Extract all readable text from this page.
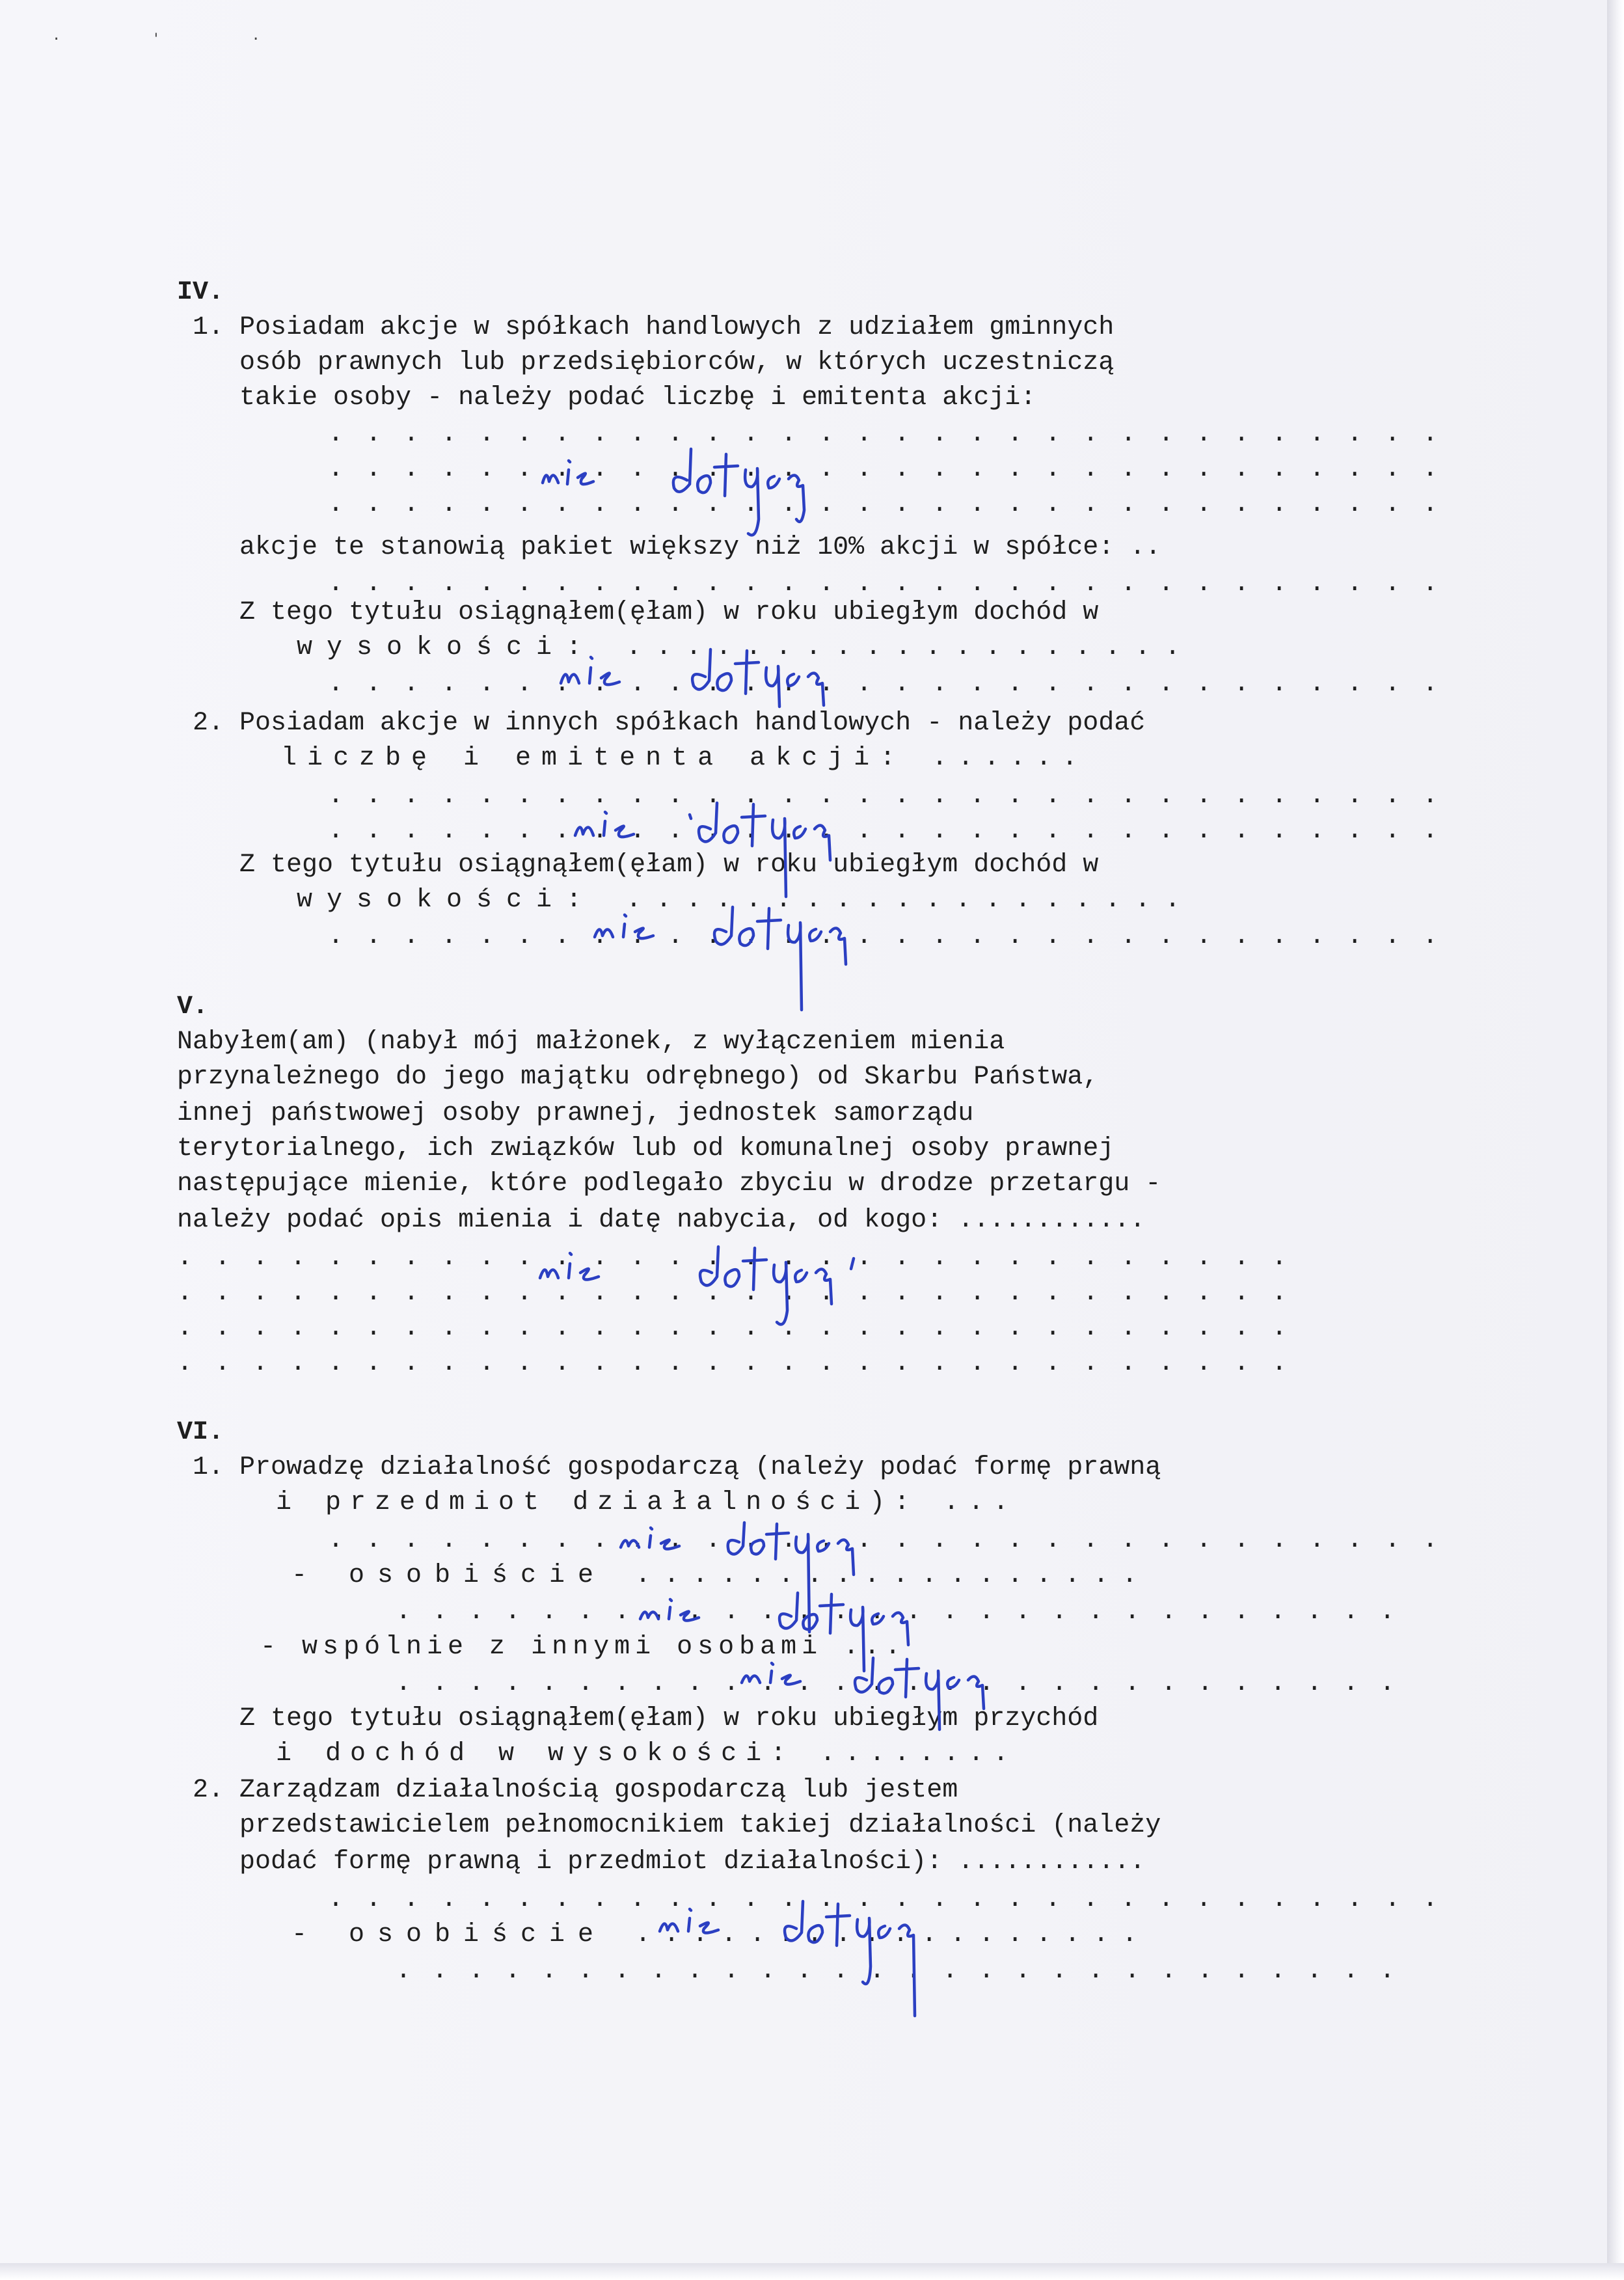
·'·
IV.
1. Posiadam akcje w spółkach handlowych z udziałem gminnych
osób prawnych lub przedsiębiorców, w których uczestniczą
takie osoby - należy podać liczbę i emitenta akcji:
..............................
..............................
..............................
akcje te stanowią pakiet większy niż 10% akcji w spółce: ..
..............................
Z tego tytułu osiągnąłem(ęłam) w roku ubiegłym dochód w
wysokości: ...................
..............................
2. Posiadam akcje w innych spółkach handlowych - należy podać
liczbę i emitenta akcji: ......
..............................
..............................
Z tego tytułu osiągnąłem(ęłam) w roku ubiegłym dochód w
wysokości: ...................
..............................
V.
Nabyłem(am) (nabył mój małżonek, z wyłączeniem mienia
przynależnego do jego majątku odrębnego) od Skarbu Państwa,
innej państwowej osoby prawnej, jednostek samorządu
terytorialnego, ich związków lub od komunalnej osoby prawnej
następujące mienie, które podlegało zbyciu w drodze przetargu -
należy podać opis mienia i datę nabycia, od kogo: ............
..............................
..............................
..............................
..............................
VI.
1. Prowadzę działalność gospodarczą (należy podać formę prawną
i przedmiot działalności): ...
..............................
- osobiście ..................
............................
- wspólnie z innymi osobami ...
............................
Z tego tytułu osiągnąłem(ęłam) w roku ubiegłym przychód
i dochód w wysokości: ........
2. Zarządzam działalnością gospodarczą lub jestem
przedstawicielem pełnomocnikiem takiej działalności (należy
podać formę prawną i przedmiot działalności): ............
..............................
- osobiście ..................
............................
